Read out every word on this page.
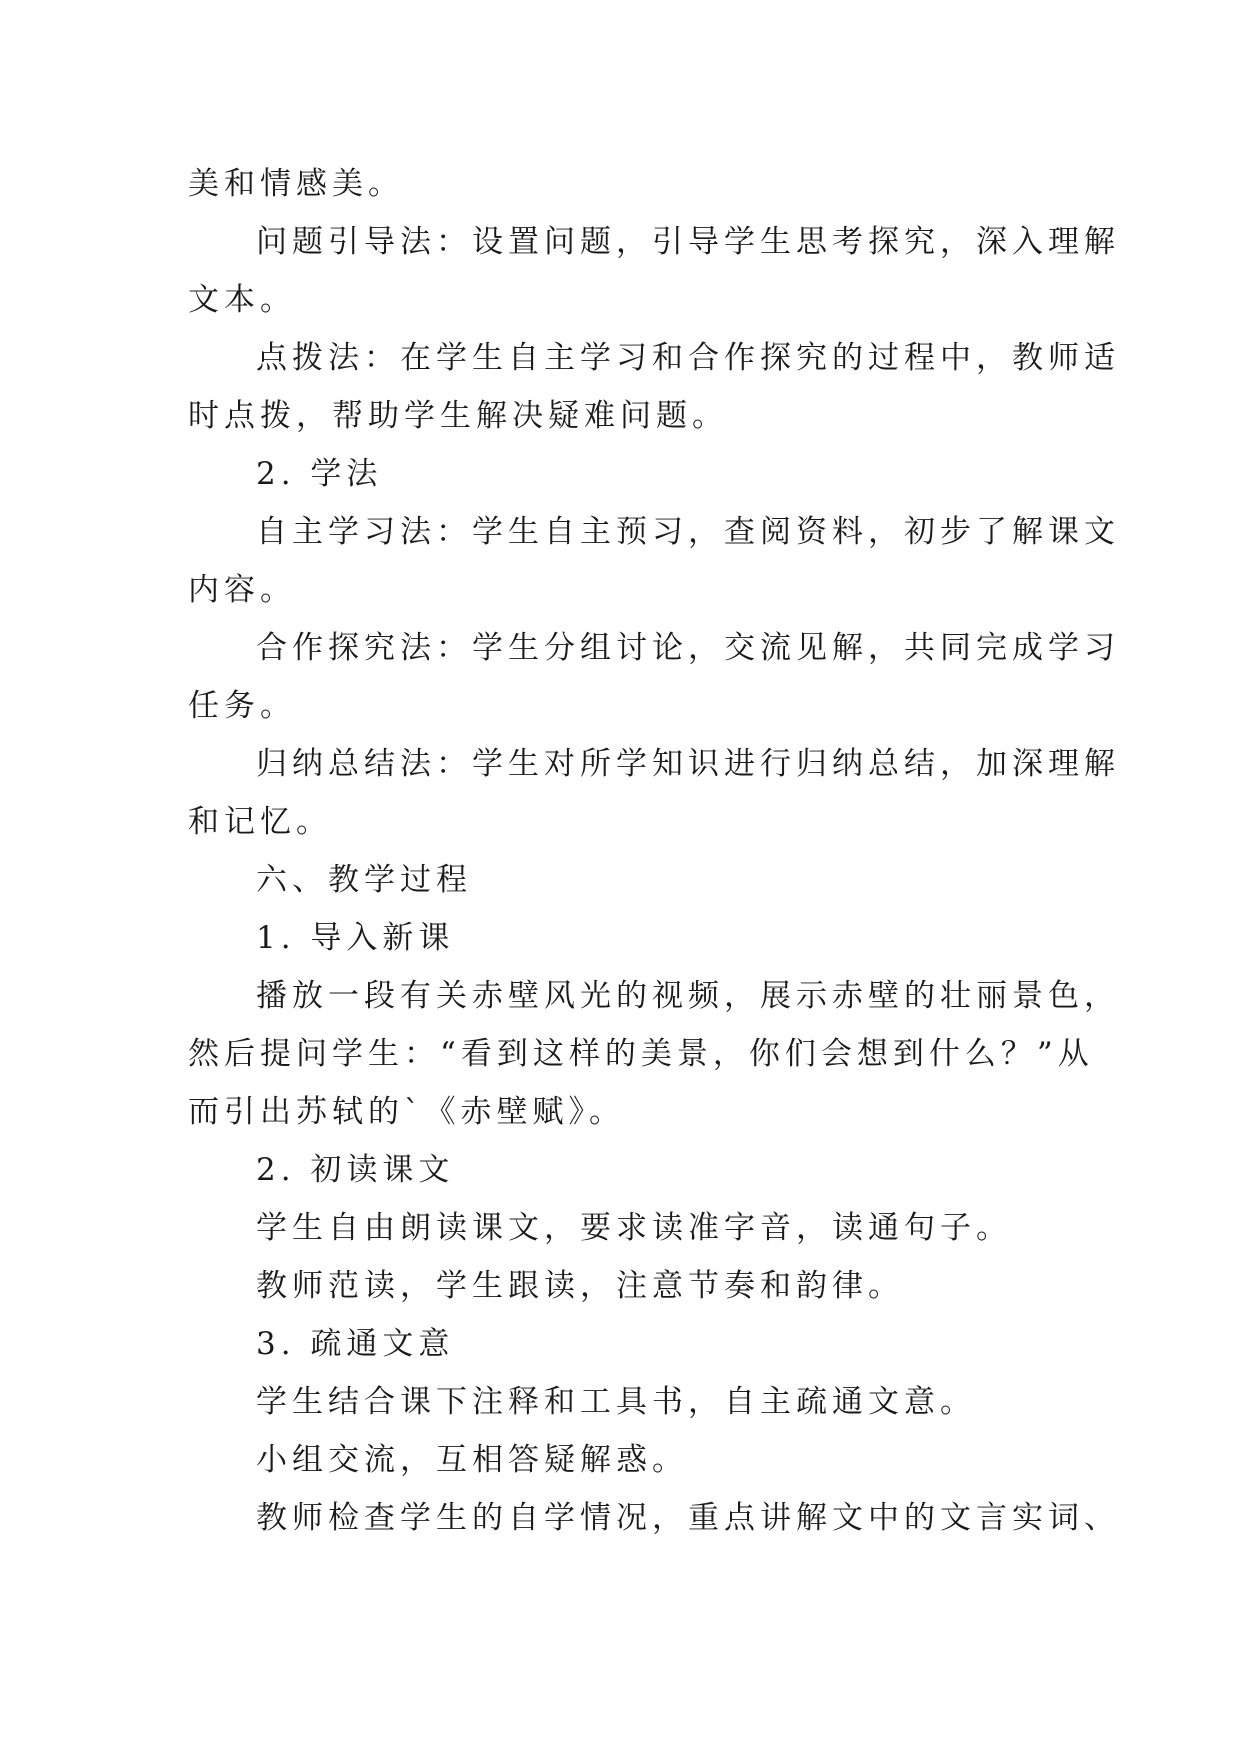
美和情感美。
问题引导法：设置问题，引导学生思考探究，深入理解
文本。
点拨法：在学生自主学习和合作探究的过程中，教师适
时点拨，帮助学生解决疑难问题。
2. 学法
自主学习法：学生自主预习，查阅资料，初步了解课文
内容。
合作探究法：学生分组讨论，交流见解，共同完成学习
任务。
归纳总结法：学生对所学知识进行归纳总结，加深理解
和记忆。
六、教学过程
1. 导入新课
播放一段有关赤壁风光的视频，展示赤壁的壮丽景色，
然后提问学生：“看到这样的美景，你们会想到什么？”从
而引出苏轼的`《赤壁赋》。
2. 初读课文
学生自由朗读课文，要求读准字音，读通句子。
教师范读，学生跟读，注意节奏和韵律。
3. 疏通文意
学生结合课下注释和工具书，自主疏通文意。
小组交流，互相答疑解惑。
教师检查学生的自学情况，重点讲解文中的文言实词、
